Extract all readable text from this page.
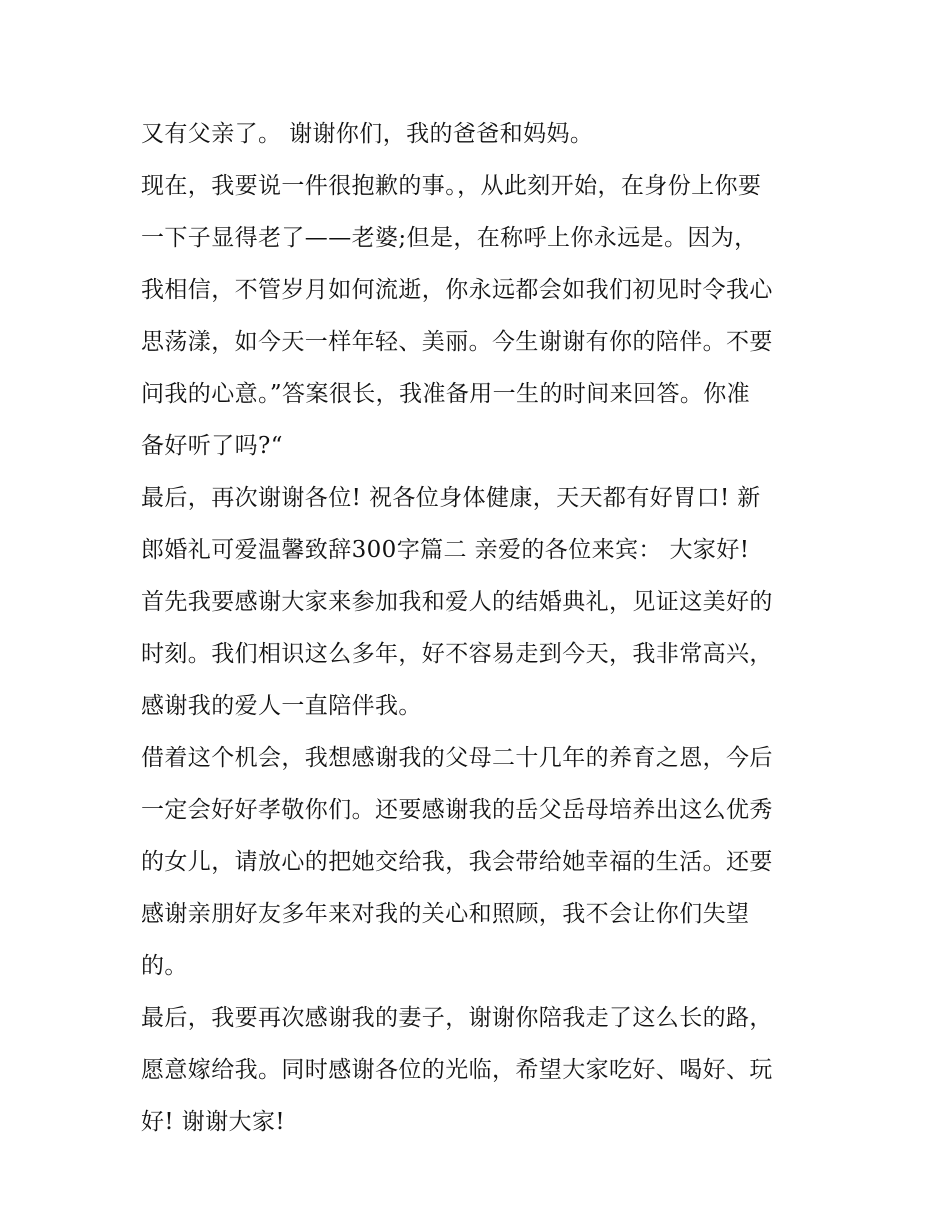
又有父亲了。 谢谢你们，我的爸爸和妈妈。
现在，我要说一件很抱歉的事。，从此刻开始，在身份上你要
一下子显得老了——老婆;但是，在称呼上你永远是。因为，
我相信，不管岁月如何流逝，你永远都会如我们初见时令我心
思荡漾，如今天一样年轻、美丽。今生谢谢有你的陪伴。不要
问我的心意。”答案很长，我准备用一生的时间来回答。你准
备好听了吗?“
最后，再次谢谢各位! 祝各位身体健康，天天都有好胃口! 新
郎婚礼可爱温馨致辞300字篇二 亲爱的各位来宾： 大家好!
首先我要感谢大家来参加我和爱人的结婚典礼，见证这美好的
时刻。我们相识这么多年，好不容易走到今天，我非常高兴，
感谢我的爱人一直陪伴我。
借着这个机会，我想感谢我的父母二十几年的养育之恩，今后
一定会好好孝敬你们。还要感谢我的岳父岳母培养出这么优秀
的女儿，请放心的把她交给我，我会带给她幸福的生活。还要
感谢亲朋好友多年来对我的关心和照顾，我不会让你们失望
的。
最后，我要再次感谢我的妻子，谢谢你陪我走了这么长的路，
愿意嫁给我。同时感谢各位的光临，希望大家吃好、喝好、玩
好! 谢谢大家!
